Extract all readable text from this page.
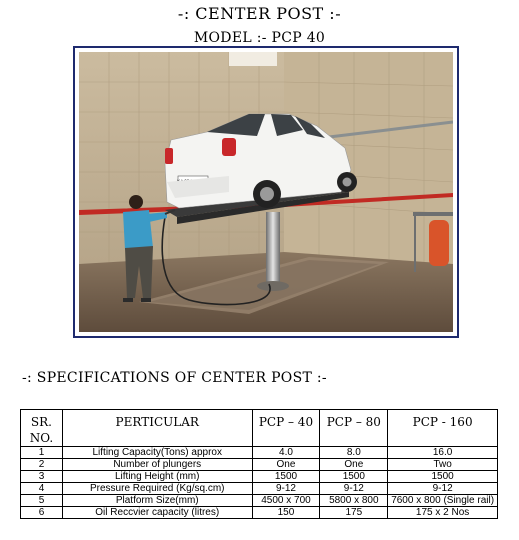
-: CENTER POST :-
MODEL :- PCP 40
-: SPECIFICATIONS OF CENTER POST :-
SR. NO.	PERTICULAR	PCP – 40	PCP – 80	PCP - 160
1	Lifting Capacity(Tons) approx	4.0	8.0	16.0
2	Number of plungers	One	One	Two
3	Lifting Height (mm)	1500	1500	1500
4	Pressure Required (Kg/sq.cm)	9-12	9-12	9-12
5	Platform Size(mm)	4500 x 700	5800 x 800	7600 x 800 (Single rail)
6	Oil Reccvier capacity (litres)	150	175	175 x 2 Nos
